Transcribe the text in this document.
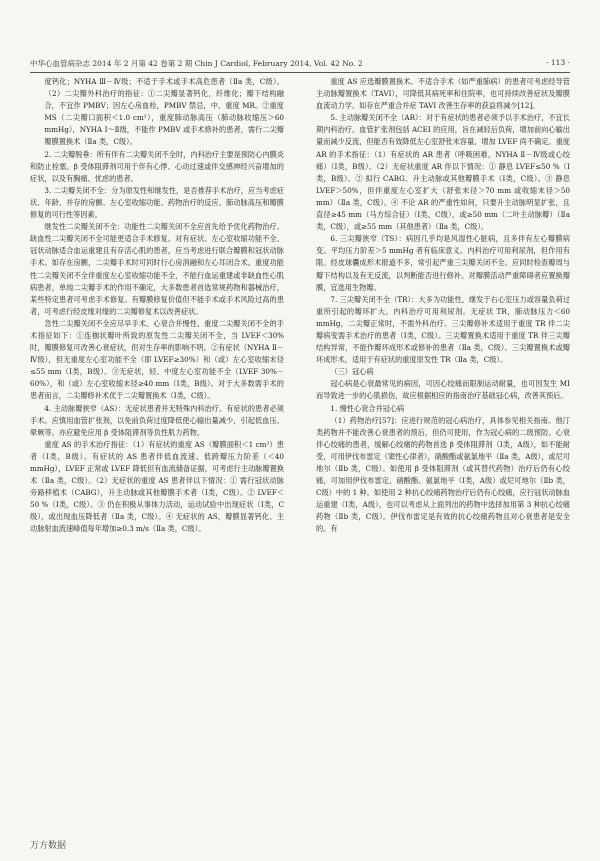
中华心血管病杂志 2014 年 2 月第 42 卷第 2 期 Chin J Cardiol, February 2014, Vol. 42 No. 2	· 113 ·

度钙化；NYHA Ⅲ－Ⅳ级；不适于手术或手术高危患者（Ⅱa 类，C级）。（2）二尖瓣外科治疗的指征：①二尖瓣显著钙化，纤维化；瓣下结构融合，不宜作 PMBV；因左心房血栓，PMBV 禁忌，中、重度 MR。②重度 MS（二尖瓣口面积＜1.0 cm²），重度肺动脉高压（肺动脉收缩压＞60 mmHg），NYHA Ⅰ～Ⅱ级，不能作 PMBV 或手术修补的患者，需行二尖瓣瓣膜置换术（Ⅱa 类，C级）。

2. 二尖瓣脱垂：所有伴有二尖瓣关闭不全时，内科治疗主要是预防心内膜炎和防止栓塞。β 受体阻滞剂可用于伴有心悸、心动过速或伴交感神经兴奋增加的症状，以及有胸痛、忧虑的患者。

3. 二尖瓣关闭不全：分为原发性和继发性，是否推荐手术治疗，应当考虑症状、年龄、并存的房颤、左心室收缩功能、药物治疗的反应、肺动脉高压和瓣膜修复的可行性等因素。

继发性二尖瓣关闭不全：功能性二尖瓣关闭不全应首先给予优化药物治疗。缺血性二尖瓣关闭不全可能更适合手术修复。对有症状、左心室收缩功能不全、冠状动脉适合血运重建且有存活心肌的患者，应当考虑进行联合瓣膜和冠状动脉手术。如存在房颤，二尖瓣手术时可同时行心房消融和左心耳闭合术。重度功能性二尖瓣关闭不全伴重度左心室收缩功能不全，不能行血运重建或非缺血性心肌病患者，单纯二尖瓣手术的作用不确定，大多数患者首选常规药物和器械治疗，某些特定患者可考虑手术修复。有瓣膜修复价值但不能手术或手术风险过高的患者，可考虑行经皮缘对缘的二尖瓣修复术以改善症状。

急性二尖瓣关闭不全应尽早手术。心衰合并慢性、重度二尖瓣关闭不全的手术指征如下：①连枷状瓣叶所致的原发性二尖瓣关闭不全，当 LVEF＜30% 时，瓣膜修复可改善心衰症状，但对生存率的影响不明。②有症状（NYHA Ⅱ－Ⅳ级），但无重度左心室功能不全（即 LVEF≥30%）和（或）左心室收缩末径≤55 mm（Ⅰ类，B级）。③无症状，轻、中度左心室功能不全（LVEF 30%－60%），和（或）左心室收缩末径≥40 mm（Ⅰ类，B级）。对于大多数需手术的患者而言，二尖瓣修补术优于二尖瓣置换术（Ⅰ类，C级）。

4. 主动脉瓣狭窄（AS）：无症状患者并无特殊内科治疗。有症状的患者必须手术。应慎用血管扩张剂，以免前负荷过度降低使心输出量减少，引起低血压、晕厥等。亦应避免应用 β 受体阻滞剂等负性肌力药物。

重度 AS 的手术治疗指征：（1）有症状的重度 AS（瓣膜面积＜1 cm²）患者（Ⅰ类，B级）。有症状的 AS 患者伴低血流速、低跨瓣压力阶差（＜40 mmHg），LVEF 正常或 LVEF 降低但有血流储备证据，可考虑行主动脉瓣置换术（Ⅱa 类，C级）。（2）无症状的重度 AS 患者伴以下情况：① 需行冠状动脉旁路移植术（CABG），升主动脉或其他瓣膜手术者（Ⅰ类，C级）。② LVEF＜50 %（Ⅰ类，C级）。③ 仍在积极从事体力活动，运动试验中出现症状（Ⅰ类，C级），或出现血压降低者（Ⅱa 类，C级）。④ 无症状的 AS，瓣膜显著钙化、主动脉射血流速峰值每年增加≥0.3 m/s（Ⅱa 类，C级）。

重度 AS 应选瓣膜置换术。不适合手术（如严重肺病）的患者可考虑经导管主动脉瓣置换术（TAVI），可降低其病死率和住院率，也可持续改善症状及瓣膜血流动力学。如存在严重合并症 TAVI 改善生存率的获益将减少[12]。

5. 主动脉瓣关闭不全（AR）：对于有症状的患者必须予以手术治疗，不宜长期内科治疗。血管扩张剂包括 ACEI 的应用，旨在减轻后负荷，增加前向心输出量而减少反流，但能否有效降低左心室舒张末容量，增加 LVEF 尚不确定。重度 AR 的手术指征：（1）有症状的 AR 患者（呼吸困难，NYHA Ⅱ－Ⅳ级或心绞痛）（Ⅰ类，B级）。（2）无症状重度 AR 伴以下情况：① 静息 LVEF≤50 %（Ⅰ类，B级）。② 拟行 CABG、升主动脉或其他瓣膜手术（Ⅰ类，C级）。③ 静息 LVEF＞50%，但伴重度左心室扩大（舒张末径＞70 mm 或收缩末径＞50 mm）（Ⅱa 类，C级）。④ 不论 AR 的严重性如何，只要升主动脉明显扩张，且直径≥45 mm（马方综合征）（Ⅰ类，C级），或≥50 mm（二叶主动脉瓣）（Ⅱa 类，C级），或≥55 mm（其他患者）（Ⅱa 类，C级）。

6. 三尖瓣狭窄（TS）：病因几乎均是风湿性心脏病，且多伴有左心瓣膜病变。平均压力阶差＞5 mmHg 者有临床意义。内科治疗可用利尿剂，但作用有限。经皮球囊成形术报道不多，常引起严重三尖瓣关闭不全。应同时检查瓣周与瓣下结构以及有无反流，以判断能否进行修补。对瓣膜活动严重障碍者应置换瓣膜，宜选用生物瓣。

7. 三尖瓣关闭不全（TR）：大多为功能性，继发于右心室压力或容量负荷过重所引起的瓣环扩大。内科治疗可用利尿剂。无症状 TR，肺动脉压力＜60 mmHg，二尖瓣正常时，不需外科治疗。三尖瓣修补术适用于重度 TR 伴二尖瓣病变需手术治疗的患者（Ⅰ类，C级）。三尖瓣置换术适用于重度 TR 伴三尖瓣结构异常，不能作瓣环成形术或修补的患者（Ⅱa 类，C级）。三尖瓣置换术或瓣环成形术，适用于有症状的重度原发性 TR（Ⅱa 类，C级）。

（三）冠心病

冠心病是心衰最常见的病因，可因心绞痛而限制运动耐量，也可因发生 MI 而导致进一步的心肌损伤，故应根据相应的指南治疗基础冠心病，改善其预后。

1. 慢性心衰合并冠心病

（1）药物治疗[57]：应进行规范的冠心病治疗，具体参见相关指南。他汀类药物并不能改善心衰患者的预后，但仍可使用，作为冠心病的二级预防。心衰伴心绞痛的患者，缓解心绞痛的药物首选 β 受体阻滞剂（Ⅰ类，A级），如不能耐受，可用伊伐布雷定（窦性心律者），硝酸酯或氨氯地平（Ⅱa 类，A级），或尼可地尔（Ⅱb 类，C级）。如使用 β 受体阻滞剂（或其替代药物）治疗后仍有心绞痛，可加用伊伐布雷定、硝酸酯、氨氯地平（Ⅰ类，A级）或尼可地尔（Ⅱb 类，C级）中的 1 种。如使用 2 种抗心绞痛药物治疗后仍有心绞痛，应行冠状动脉血运重建（Ⅰ类，A级），也可以考虑从上面列出的药物中选择加用第 3 种抗心绞痛药物（Ⅱb 类，C级）。伊伐布雷定是有效的抗心绞痛药物且对心衰患者是安全的。有

万方数据
